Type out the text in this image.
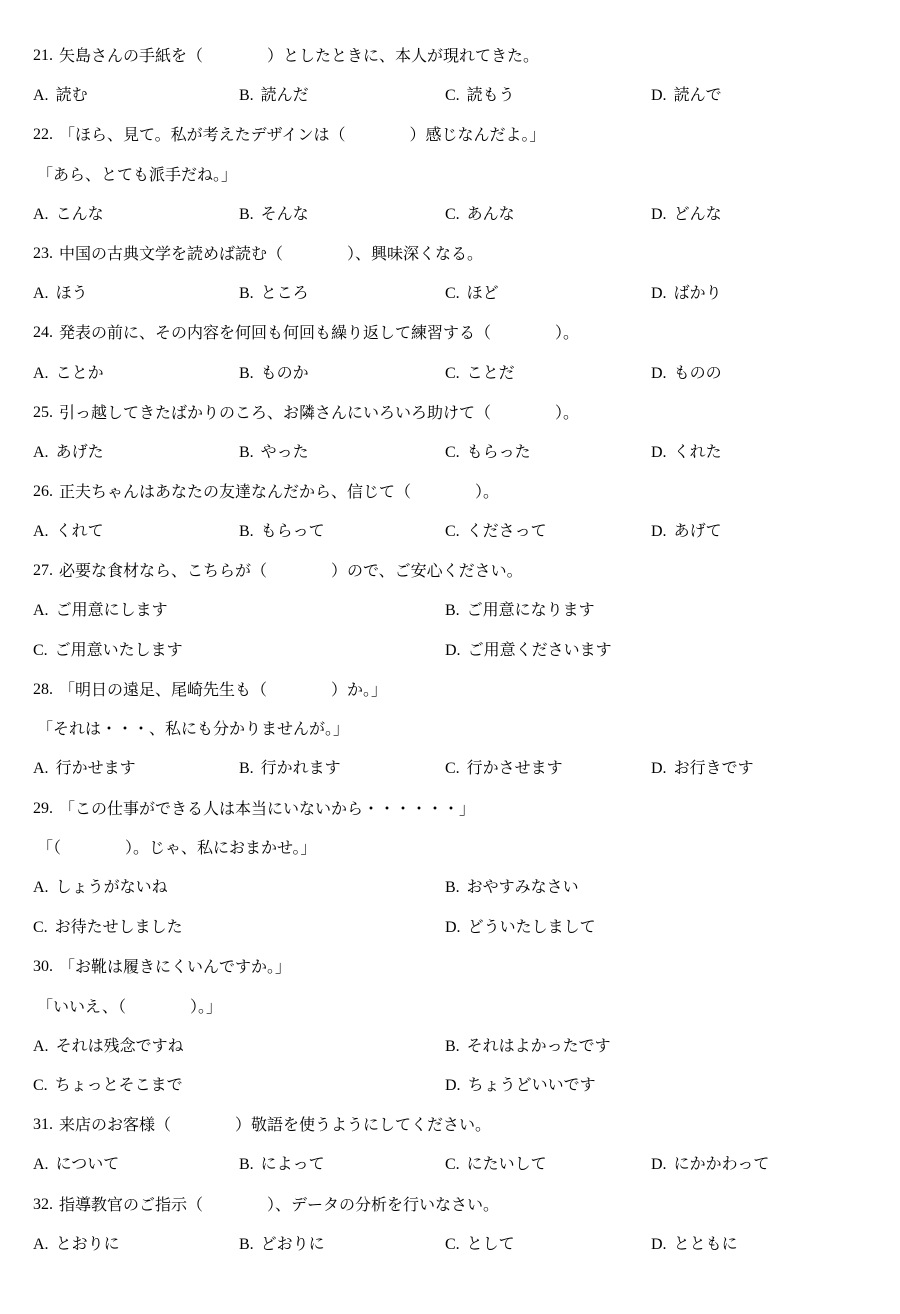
21. 矢島さんの手紙を（　　　　）としたときに、本人が現れてきた。
A. 読む	B. 読んだ	C. 読もう	D. 読んで
22. 「ほら、見て。私が考えたデザインは（　　　　）感じなんだよ。」
「あら、とても派手だね。」
A. こんな	B. そんな	C. あんな	D. どんな
23. 中国の古典文学を読めば読む（　　　　）、興味深くなる。
A. ほう	B. ところ	C. ほど	D. ばかり
24. 発表の前に、その内容を何回も何回も繰り返して練習する（　　　　）。
A. ことか	B. ものか	C. ことだ	D. ものの
25. 引っ越してきたばかりのころ、お隣さんにいろいろ助けて（　　　　）。
A. あげた	B. やった	C. もらった	D. くれた
26. 正夫ちゃんはあなたの友達なんだから、信じて（　　　　）。
A. くれて	B. もらって	C. くださって	D. あげて
27. 必要な食材なら、こちらが（　　　　）ので、ご安心ください。
A. ご用意にします	B. ご用意になります
C. ご用意いたします	D. ご用意くださいます
28. 「明日の遠足、尾崎先生も（　　　　）か。」
「それは・・・、私にも分かりませんが。」
A. 行かせます	B. 行かれます	C. 行かさせます	D. お行きです
29. 「この仕事ができる人は本当にいないから・・・・・・」
「（　　　　）。じゃ、私におまかせ。」
A. しょうがないね	B. おやすみなさい
C. お待たせしました	D. どういたしまして
30. 「お靴は履きにくいんですか。」
「いいえ、（　　　　）。」
A. それは残念ですね	B. それはよかったです
C. ちょっとそこまで	D. ちょうどいいです
31. 来店のお客様（　　　　）敬語を使うようにしてください。
A. について	B. によって	C. にたいして	D. にかかわって
32. 指導教官のご指示（　　　　）、データの分析を行いなさい。
A. とおりに	B. どおりに	C. として	D. とともに
